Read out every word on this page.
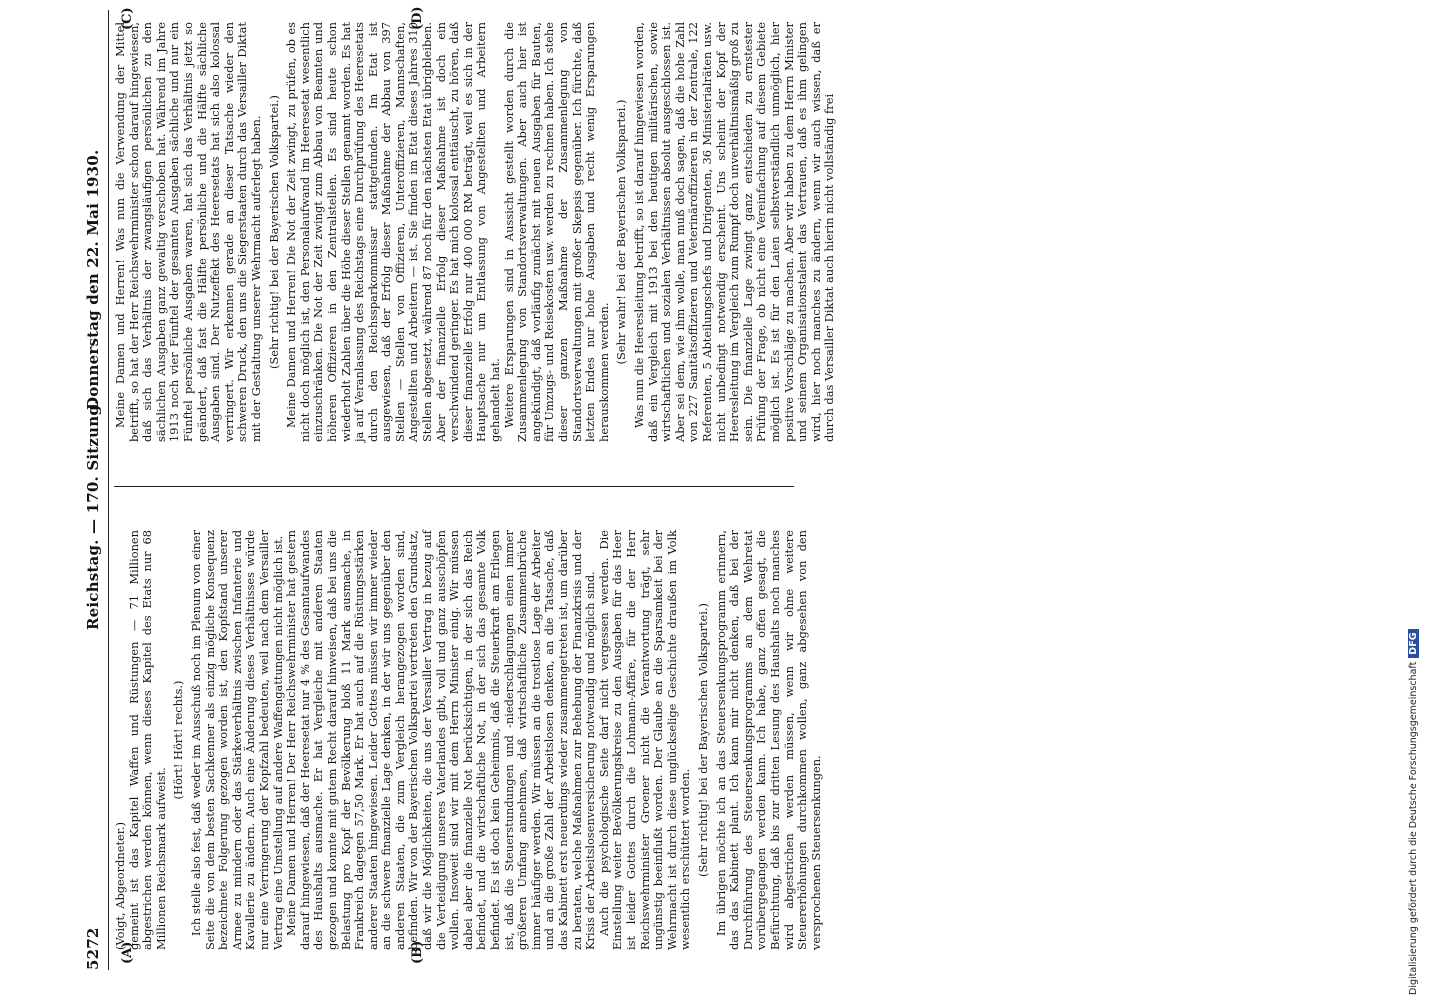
5272
Reichstag. — 170. Sitzung.
Donnerstag den 22. Mai 1930.
(A)	(B)
(C)	(D)

(Voigt, Abgeordneter.) gemeint ist das Kapitel Waffen und Rüstungen — 71 Millionen abgestrichen werden können, wenn dieses Kapitel des Etats nur 68 Millionen Reichsmark aufweist.

(Hört! Hört! rechts.) Ich stelle also fest, daß weder im Ausschuß noch im Plenum von einer Seite die von dem besten Sachkenner als einzig mögliche Konsequenz bezeichnete Folgerung gezogen worden ist, den Kopfstand unserer Armee zu mindern oder das Stärkeverhältnis zwischen Infanterie und Kavallerie zu ändern. Auch eine Änderung dieses Verhältnisses würde nur eine Verringerung der Kopfzahl bedeuten, weil nach dem Versailler Vertrag eine Umstellung auf andere Waffengattungen nicht möglich ist. Meine Damen und Herren! Der Herr Reichswehrminister hat gestern darauf hingewiesen, daß der Heeresetat nur 4 % des Gesamtaufwandes des Haushalts ausmache. Er hat Vergleiche mit anderen Staaten gezogen und konnte mit gutem Recht darauf hinweisen, daß bei uns die Belastung pro Kopf der Bevölkerung bloß 11 Mark ausmache, in Frankreich dagegen 57,50 Mark. Er hat auch auf die Rüstungsstärken anderer Staaten hingewiesen. Leider Gottes müssen wir immer wieder an die schwere finanzielle Lage denken, in der wir uns gegenüber den anderen Staaten, die zum Vergleich herangezogen worden sind, befinden. Wir von der Bayerischen Volkspartei vertreten den Grundsatz, daß wir die Möglichkeiten, die uns der Versailler Vertrag in bezug auf die Verteidigung unseres Vaterlandes gibt, voll und ganz ausschöpfen wollen. Insoweit sind wir mit dem Herrn Minister einig. Wir müssen dabei aber die finanzielle Not berücksichtigen, in der sich das Reich befindet, und die wirtschaftliche Not, in der sich das gesamte Volk befindet. Es ist doch kein Geheimnis, daß die Steuerkraft am Erliegen ist, daß die Steuerstundungen und -niederschlagungen einen immer größeren Umfang annehmen, daß wirtschaftliche Zusammenbrüche immer häufiger werden. Wir müssen an die trostlose Lage der Arbeiter und an die große Zahl der Arbeitslosen denken, an die Tatsache, daß das Kabinett erst neuerdings wieder zusammengetreten ist, um darüber zu beraten, welche Maßnahmen zur Behebung der Finanzkrisis und der Krisis der Arbeitslosenversicherung notwendig und möglich sind. Auch die psychologische Seite darf nicht vergessen werden. Die Einstellung weiter Bevölkerungskreise zu den Ausgaben für das Heer ist leider Gottes durch die Lohmann-Affäre, für die der Herr Reichswehrminister Groener nicht die Verantwortung trägt, sehr ungünstig beeinflußt worden. Der Glaube an die Sparsamkeit bei der Wehrmacht ist durch diese unglückselige Geschichte draußen im Volk wesentlich erschüttert worden. (Sehr richtig! bei der Bayerischen Volkspartei.) Im übrigen möchte ich an das Steuersenkungsprogramm erinnern, das das Kabinett plant. Ich kann mir nicht denken, daß bei der Durchführung des Steuersenkungsprogramms an dem Wehretat vorübergegangen werden kann. Ich habe, ganz offen gesagt, die Befürchtung, daß bis zur dritten Lesung des Haushalts noch manches wird abgestrichen werden müssen, wenn wir ohne weitere Steuererhöhungen durchkommen wollen, ganz abgesehen von den versprochenen Steuersenkungen.

Meine Damen und Herren! Was nun die Verwendung der Mittel betrifft, so hat der Herr Reichswehrminister schon darauf hingewiesen, daß sich das Verhältnis der zwangsläufigen persönlichen zu den sächlichen Ausgaben ganz gewaltig verschoben hat. Während im Jahre 1913 noch vier Fünftel der gesamten Ausgaben sächliche und nur ein Fünftel persönliche Ausgaben waren, hat sich das Verhältnis jetzt so geändert, daß fast die Hälfte persönliche und die Hälfte sächliche Ausgaben sind. Der Nutzeffekt des Heeresetats hat sich also kolossal verringert. Wir erkennen gerade an dieser Tatsache wieder den schweren Druck, den uns die Siegerstaaten durch das Versailler Diktat mit der Gestaltung unserer Wehrmacht auferlegt haben. (Sehr richtig! bei der Bayerischen Volkspartei.) Meine Damen und Herren! Die Not der Zeit zwingt, zu prüfen, ob es nicht doch möglich ist, den Personalaufwand im Heeresetat wesentlich einzuschränken. Die Not der Zeit zwingt zum Abbau von Beamten und höheren Offizieren in den Zentralstellen. Es sind heute schon wiederholt Zahlen über die Höhe dieser Stellen genannt worden. Es hat ja auf Veranlassung des Reichstags eine Durchprüfung des Heeresetats durch den Reichssparkommissar stattgefunden. Im Etat ist ausgewiesen, daß der Erfolg dieser Maßnahme der Abbau von 397 Stellen — Stellen von Offizieren, Unteroffizieren, Mannschaften, Angestellten und Arbeitern — ist. Sie finden im Etat dieses Jahres 310 Stellen abgesetzt, während 87 noch für den nächsten Etat übrigbleiben. Aber der finanzielle Erfolg dieser Maßnahme ist doch ein verschwindend geringer. Es hat mich kolossal enttäuscht, zu hören, daß dieser finanzielle Erfolg nur 400 000 RM beträgt, weil es sich in der Hauptsache nur um Entlassung von Angestellten und Arbeitern gehandelt hat. Weitere Ersparungen sind in Aussicht gestellt worden durch die Zusammenlegung von Standortsverwaltungen. Aber auch hier ist angekündigt, daß vorläufig zunächst mit neuen Ausgaben für Bauten, für Umzugs- und Reisekosten usw. werden zu rechnen haben. Ich stehe dieser ganzen Maßnahme der Zusammenlegung von Standortsverwaltungen mit großer Skepsis gegenüber. Ich fürchte, daß letzten Endes nur hohe Ausgaben und recht wenig Ersparungen herauskommen werden.

(Sehr wahr! bei der Bayerischen Volkspartei.) Was nun die Heeresleitung betrifft, so ist darauf hingewiesen worden, daß ein Vergleich mit 1913 bei den heutigen militärischen, sowie wirtschaftlichen und sozialen Verhältnissen absolut ausgeschlossen ist. Aber sei dem, wie ihm wolle, man muß doch sagen, daß die hohe Zahl von 227 Sanitätsoffizieren und Veterinäroffizieren in der Zentrale, 122 Referenten, 5 Abteilungschefs und Dirigenten, 36 Ministerialräten usw. nicht unbedingt notwendig erscheint. Uns scheint der Kopf der Heeresleitung im Vergleich zum Rumpf doch unverhältnismäßig groß zu sein. Die finanzielle Lage zwingt ganz entschieden zu ernstester Prüfung der Frage, ob nicht eine Vereinfachung auf diesem Gebiete möglich ist. Es ist für den Laien selbstverständlich unmöglich, hier positive Vorschläge zu machen. Aber wir haben zu dem Herrn Minister und seinem Organisationstalent das Vertrauen, daß es ihm gelingen wird, hier noch manches zu ändern, wenn wir auch wissen, daß er durch das Versailler Diktat auch hierin nicht vollständig frei

Digitalisierung gefördert durch die Deutsche ForschungsgemeinschaftDFG
